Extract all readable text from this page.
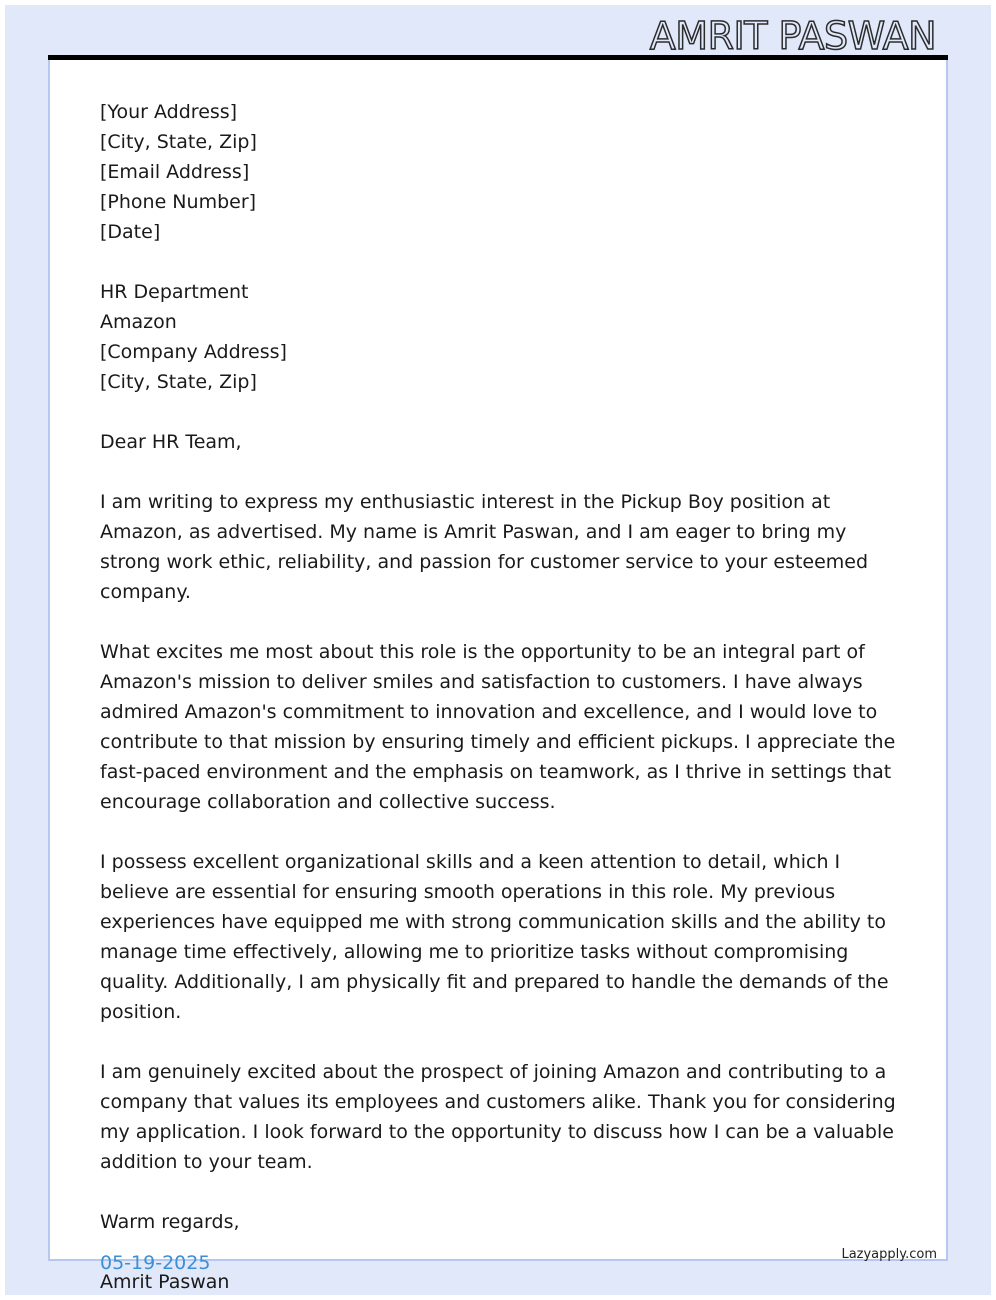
AMRIT PASWAN
[Your Address]
[City, State, Zip]
[Email Address]
[Phone Number]
[Date]
HR Department
Amazon
[Company Address]
[City, State, Zip]
Dear HR Team,

I am writing to express my enthusiastic interest in the Pickup Boy position at Amazon, as advertised. My name is Amrit Paswan, and I am eager to bring my strong work ethic, reliability, and passion for customer service to your esteemed company.

What excites me most about this role is the opportunity to be an integral part of Amazon's mission to deliver smiles and satisfaction to customers. I have always admired Amazon's commitment to innovation and excellence, and I would love to contribute to that mission by ensuring timely and efficient pickups. I appreciate the fast-paced environment and the emphasis on teamwork, as I thrive in settings that encourage collaboration and collective success.

I possess excellent organizational skills and a keen attention to detail, which I believe are essential for ensuring smooth operations in this role. My previous experiences have equipped me with strong communication skills and the ability to manage time effectively, allowing me to prioritize tasks without compromising quality. Additionally, I am physically fit and prepared to handle the demands of the position.

I am genuinely excited about the prospect of joining Amazon and contributing to a company that values its employees and customers alike. Thank you for considering my application. I look forward to the opportunity to discuss how I can be a valuable addition to your team.

Warm regards,
Amrit Paswan
05-19-2025	Lazyapply.com
